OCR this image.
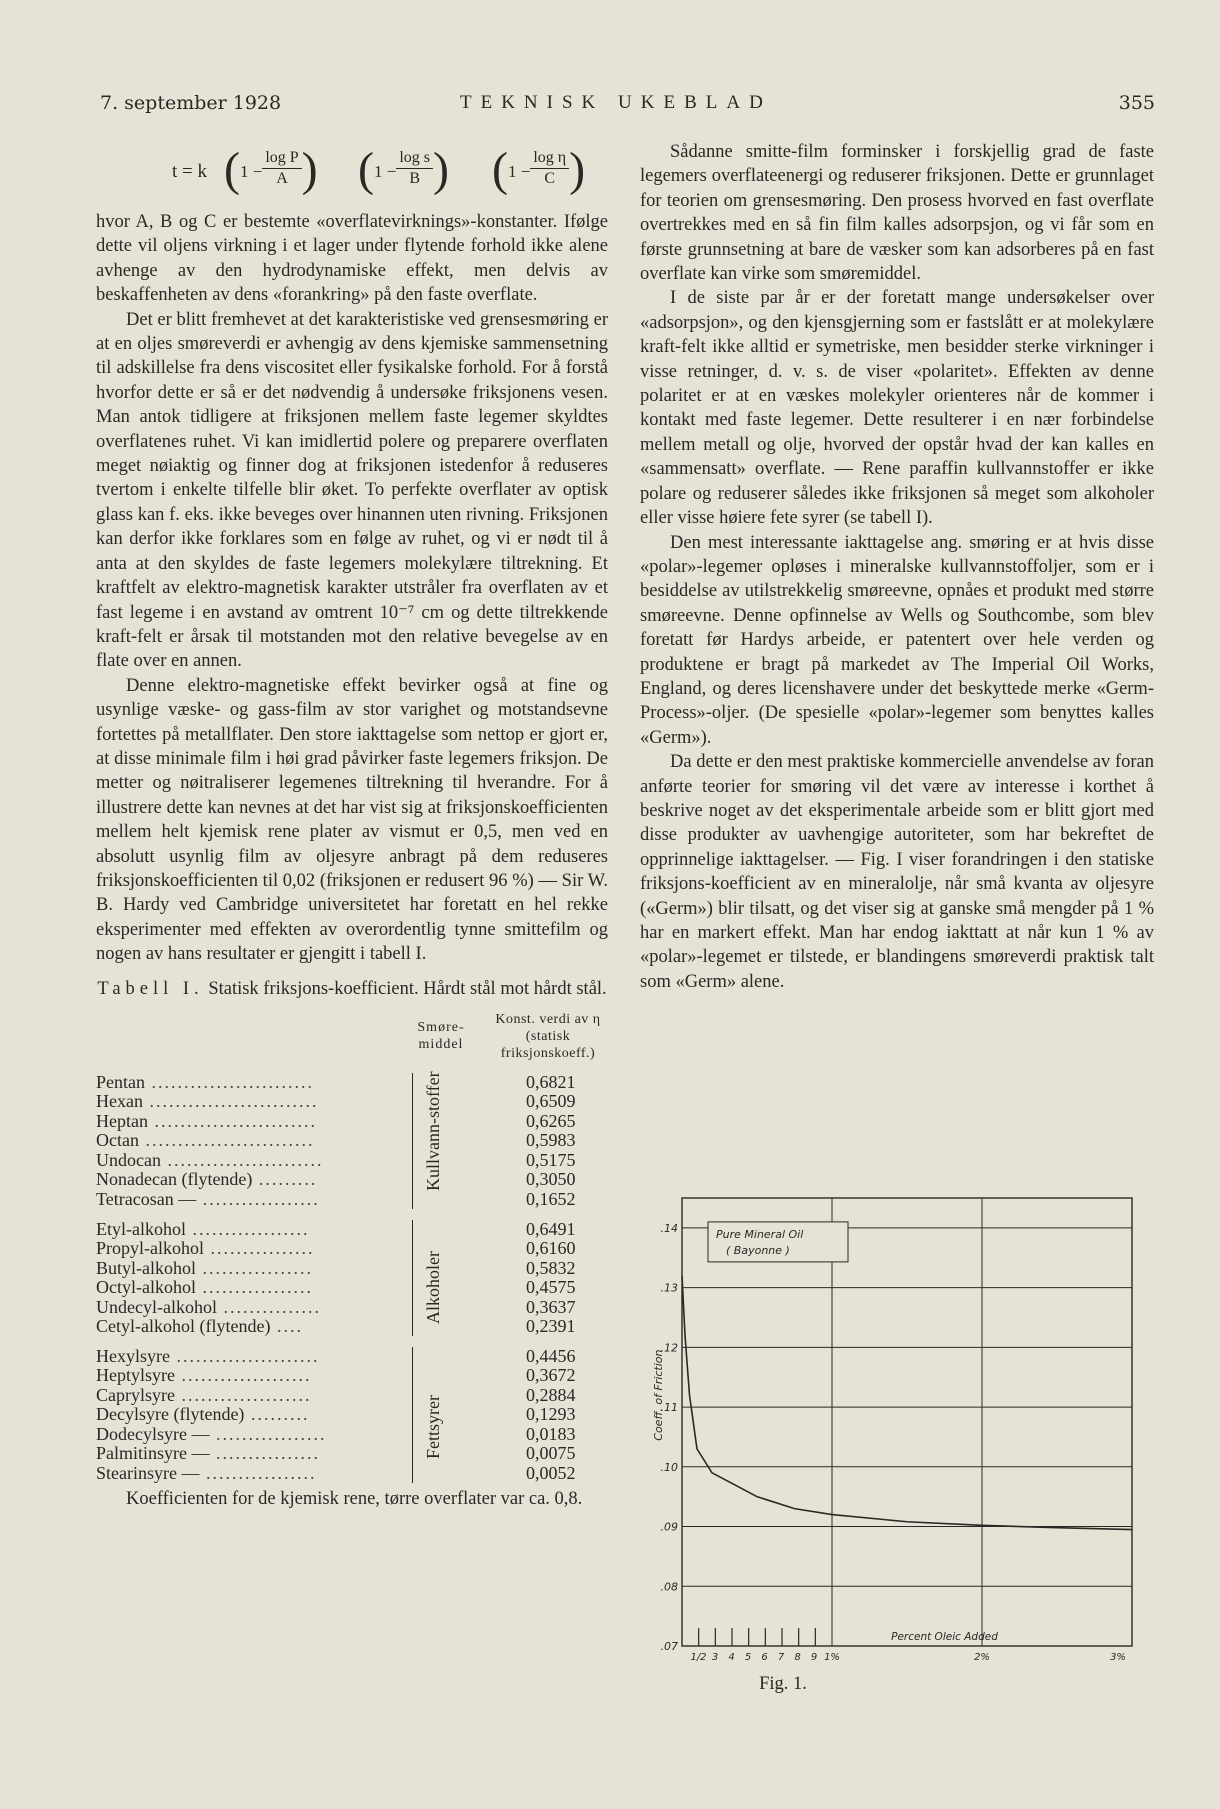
7. september 1928	TEKNISK UKEBLAD	355
t = k ($1 - \frac{\text{log P}}{A}$ ) ($1 - \frac{\text{log s}}{B}$ ) ($1 - \frac{\text{log η}}{C}$ )

hvor A, B og C er bestemte «overflatevirknings»-konstanter. Ifølge dette vil oljens virkning i et lager under flytende forhold ikke alene avhenge av den hydrodynamiske effekt, men delvis av beskaffenheten av dens «forankring» på den faste overflate.

Det er blitt fremhevet at det karakteristiske ved grensesmøring er at en oljes smøreverdi er avhengig av dens kjemiske sammensetning til adskillelse fra dens viscositet eller fysikalske forhold. For å forstå hvorfor dette er så er det nødvendig å undersøke friksjonens vesen. Man antok tidligere at friksjonen mellem faste legemer skyldtes overflatenes ruhet. Vi kan imidlertid polere og preparere overflaten meget nøiaktig og finner dog at friksjonen istedenfor å reduseres tvertom i enkelte tilfelle blir øket. To perfekte overflater av optisk glass kan f. eks. ikke beveges over hinannen uten rivning. Friksjonen kan derfor ikke forklares som en følge av ruhet, og vi er nødt til å anta at den skyldes de faste legemers molekylære tiltrekning. Et kraftfelt av elektro-magnetisk karakter utstråler fra overflaten av et fast legeme i en avstand av omtrent 10⁻⁷ cm og dette tiltrekkende kraft-felt er årsak til motstanden mot den relative bevegelse av en flate over en annen.

Denne elektro-magnetiske effekt bevirker også at fine og usynlige væske- og gass-film av stor varighet og motstandsevne fortettes på metallflater. Den store iakttagelse som nettop er gjort er, at disse minimale film i høi grad påvirker faste legemers friksjon. De metter og nøitraliserer legemenes tiltrekning til hverandre. For å illustrere dette kan nevnes at det har vist sig at friksjonskoefficienten mellem helt kjemisk rene plater av vismut er 0,5, men ved en absolutt usynlig film av oljesyre anbragt på dem reduseres friksjonskoefficienten til 0,02 (friksjonen er redusert 96 %) — Sir W. B. Hardy ved Cambridge universitetet har foretatt en hel rekke eksperimenter med effekten av overordentlig tynne smittefilm og nogen av hans resultater er gjengitt i tabell I.

Tabell I. Statisk friksjons-koefficient. Hårdt stål mot hårdt stål.
Smøre-middel
Konst. verdi av η (statisk friksjonskoeff.)
Kullvann-stoffer
Pentan .........................	0,6821
Hexan ..........................	0,6509
Heptan .........................	0,6265
Octan ..........................	0,5983
Undocan ........................	0,5175
Nonadecan (flytende) .........	0,3050
Tetracosan — ..................	0,1652
Alkoholer
Etyl-alkohol ..................	0,6491
Propyl-alkohol ................	0,6160
Butyl-alkohol .................	0,5832
Octyl-alkohol .................	0,4575
Undecyl-alkohol ...............	0,3637
Cetyl-alkohol (flytende) ....	0,2391
Fettsyrer
Hexylsyre ......................	0,4456
Heptylsyre ....................	0,3672
Caprylsyre ....................	0,2884
Decylsyre (flytende) .........	0,1293
Dodecylsyre — .................	0,0183
Palmitinsyre — ................	0,0075
Stearinsyre — .................	0,0052

Koefficienten for de kjemisk rene, tørre overflater var ca. 0,8.

Sådanne smitte-film forminsker i forskjellig grad de faste legemers overflateenergi og reduserer friksjonen. Dette er grunnlaget for teorien om grensesmøring. Den prosess hvorved en fast overflate overtrekkes med en så fin film kalles adsorpsjon, og vi får som en første grunnsetning at bare de væsker som kan adsorberes på en fast overflate kan virke som smøremiddel.

I de siste par år er der foretatt mange undersøkelser over «adsorpsjon», og den kjensgjerning som er fastslått er at molekylære kraft-felt ikke alltid er symetriske, men besidder sterke virkninger i visse retninger, d. v. s. de viser «polaritet». Effekten av denne polaritet er at en væskes molekyler orienteres når de kommer i kontakt med faste legemer. Dette resulterer i en nær forbindelse mellem metall og olje, hvorved der opstår hvad der kan kalles en «sammensatt» overflate. — Rene paraffin kullvannstoffer er ikke polare og reduserer således ikke friksjonen så meget som alkoholer eller visse høiere fete syrer (se tabell I).

Den mest interessante iakttagelse ang. smøring er at hvis disse «polar»-legemer opløses i mineralske kullvannstoffoljer, som er i besiddelse av utilstrekkelig smøreevne, opnåes et produkt med større smøreevne. Denne opfinnelse av Wells og Southcombe, som blev foretatt før Hardys arbeide, er patentert over hele verden og produktene er bragt på markedet av The Imperial Oil Works, England, og deres licenshavere under det beskyttede merke «Germ-Process»-oljer. (De spesielle «polar»-legemer som benyttes kalles «Germ»).

Da dette er den mest praktiske kommercielle anvendelse av foran anførte teorier for smøring vil det være av interesse i korthet å beskrive noget av det eksperimentale arbeide som er blitt gjort med disse produkter av uavhengige autoriteter, som har bekreftet de opprinnelige iakttagelser. — Fig. I viser forandringen i den statiske friksjons-koefficient av en mineralolje, når små kvanta av oljesyre («Germ») blir tilsatt, og det viser sig at ganske små mengder på 1 % har en markert effekt. Man har endog iakttatt at når kun 1 % av «polar»-legemet er tilstede, er blandingens smøreverdi praktisk talt som «Germ» alene.

.07
.08
.09
.10
.11
.12
.13
.14
1/2 3 4 5 6 7 8 9 1%	2%	3%
Pure Mineral Oil
( Bayonne )
Percent Oleic Added
Coeff. of Friction
Fig. 1.
